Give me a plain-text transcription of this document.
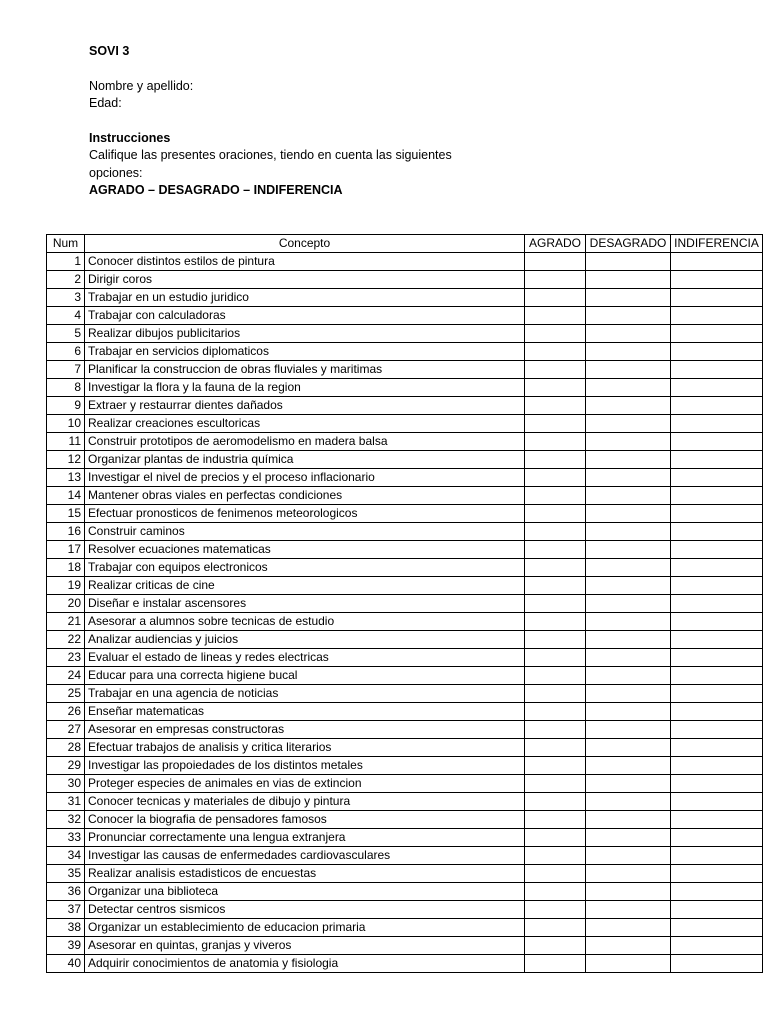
SOVI 3
Nombre y apellido:
Edad:
Instrucciones
Califique las presentes oraciones, tiendo en cuenta las siguientes
opciones:
AGRADO – DESAGRADO – INDIFERENCIA
Num	Concepto	AGRADO	DESAGRADO	INDIFERENCIA
1	Conocer distintos estilos de pintura			
2	Dirigir coros			
3	Trabajar en un estudio juridico			
4	Trabajar con calculadoras			
5	Realizar dibujos publicitarios			
6	Trabajar en servicios diplomaticos			
7	Planificar la construccion de obras fluviales y maritimas			
8	Investigar la flora y la fauna de la region			
9	Extraer y restaurrar dientes dañados			
10	Realizar creaciones escultoricas			
11	Construir prototipos de aeromodelismo en madera balsa			
12	Organizar plantas de industria química			
13	Investigar el nivel de precios y el proceso inflacionario			
14	Mantener obras viales en perfectas condiciones			
15	Efectuar pronosticos de fenimenos meteorologicos			
16	Construir caminos			
17	Resolver ecuaciones matematicas			
18	Trabajar con equipos electronicos			
19	Realizar criticas de cine			
20	Diseñar e instalar ascensores			
21	Asesorar a alumnos sobre tecnicas de estudio			
22	Analizar audiencias y juicios			
23	Evaluar el estado de lineas y redes electricas			
24	Educar para una correcta higiene bucal			
25	Trabajar en una agencia de noticias			
26	Enseñar matematicas			
27	Asesorar en empresas constructoras			
28	Efectuar trabajos de analisis y critica literarios			
29	Investigar las propoiedades de los distintos metales			
30	Proteger especies de animales en vias de extincion			
31	Conocer tecnicas y materiales de dibujo y pintura			
32	Conocer la biografia de pensadores famosos			
33	Pronunciar correctamente una lengua extranjera			
34	Investigar las causas de enfermedades cardiovasculares			
35	Realizar analisis estadisticos de encuestas			
36	Organizar una biblioteca			
37	Detectar centros sismicos			
38	Organizar un establecimiento de educacion primaria			
39	Asesorar en quintas, granjas y viveros			
40	Adquirir conocimientos de anatomia y fisiologia			
